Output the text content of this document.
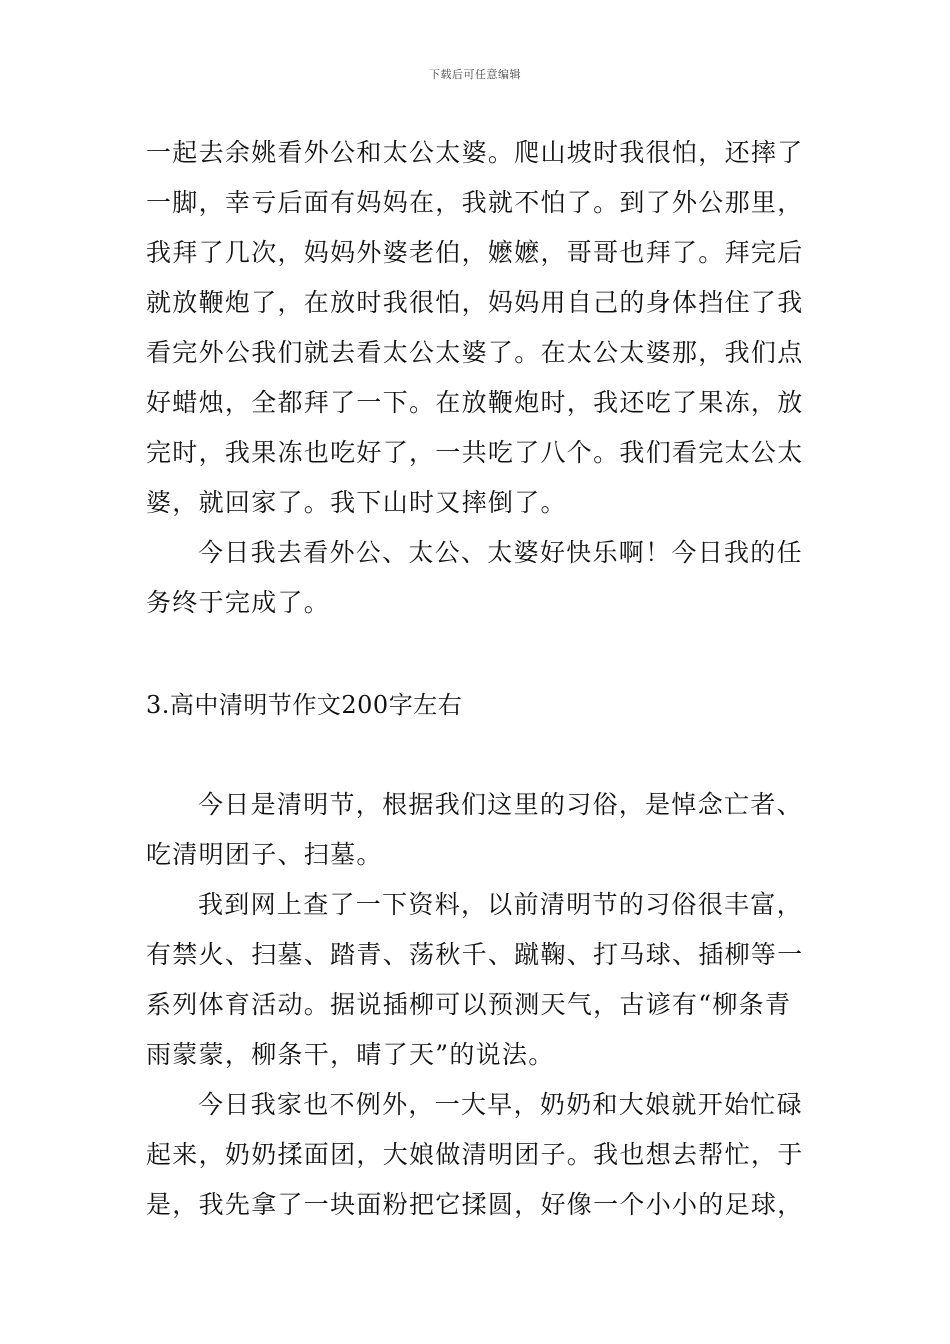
下载后可任意编辑
一起去余姚看外公和太公太婆。爬山坡时我很怕，还摔了
一脚，幸亏后面有妈妈在，我就不怕了。到了外公那里，
我拜了几次，妈妈外婆老伯，嬷嬷，哥哥也拜了。拜完后
就放鞭炮了，在放时我很怕，妈妈用自己的身体挡住了我
看完外公我们就去看太公太婆了。在太公太婆那，我们点
好蜡烛，全都拜了一下。在放鞭炮时，我还吃了果冻，放
完时，我果冻也吃好了，一共吃了八个。我们看完太公太
婆，就回家了。我下山时又摔倒了。
今日我去看外公、太公、太婆好快乐啊！今日我的任
务终于完成了。
3.高中清明节作文200字左右
今日是清明节，根据我们这里的习俗，是悼念亡者、
吃清明团子、扫墓。
我到网上查了一下资料，以前清明节的习俗很丰富，
有禁火、扫墓、踏青、荡秋千、蹴鞠、打马球、插柳等一
系列体育活动。据说插柳可以预测天气，古谚有“柳条青
雨蒙蒙，柳条干，晴了天”的说法。
今日我家也不例外，一大早，奶奶和大娘就开始忙碌
起来，奶奶揉面团，大娘做清明团子。我也想去帮忙，于
是，我先拿了一块面粉把它揉圆，好像一个小小的足球，
